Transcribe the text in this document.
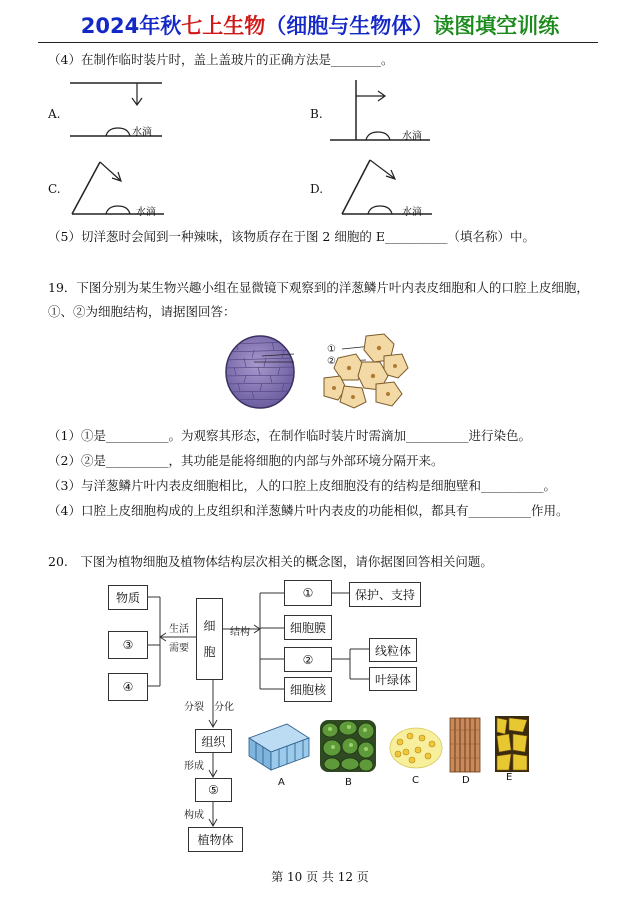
2024年秋七上生物（细胞与生物体）读图填空训练
（4）在制作临时装片时，盖上盖玻片的正确方法是________。
A.
水滴
B.
水滴
C.
水滴
D.
水滴
（5）切洋葱时会闻到一种辣味，该物质存在于图 2 细胞的 E__________（填名称）中。
19．下图分别为某生物兴趣小组在显微镜下观察到的洋葱鳞片叶内表皮细胞和人的口腔上皮细胞，
①、②为细胞结构，请据图回答：
①
②
（1）①是__________。为观察其形态，在制作临时装片时需滴加__________进行染色。
（2）②是__________，其功能是能将细胞的内部与外部环境分隔开来。
（3）与洋葱鳞片叶内表皮细胞相比，人的口腔上皮细胞没有的结构是细胞壁和__________。
（4）口腔上皮细胞构成的上皮组织和洋葱鳞片叶内表皮的功能相似，都具有__________作用。
20.　下图为植物细胞及植物体结构层次相关的概念图，请你据图回答相关问题。
物质
③
④
细
胞
①	保护、支持
细胞膜
②
线粒体
叶绿体
细胞核
组织
⑤
植物体
生活
需要
结构
分裂 分化
形成
构成
A	B	C	D	E
第 10 页 共 12 页
